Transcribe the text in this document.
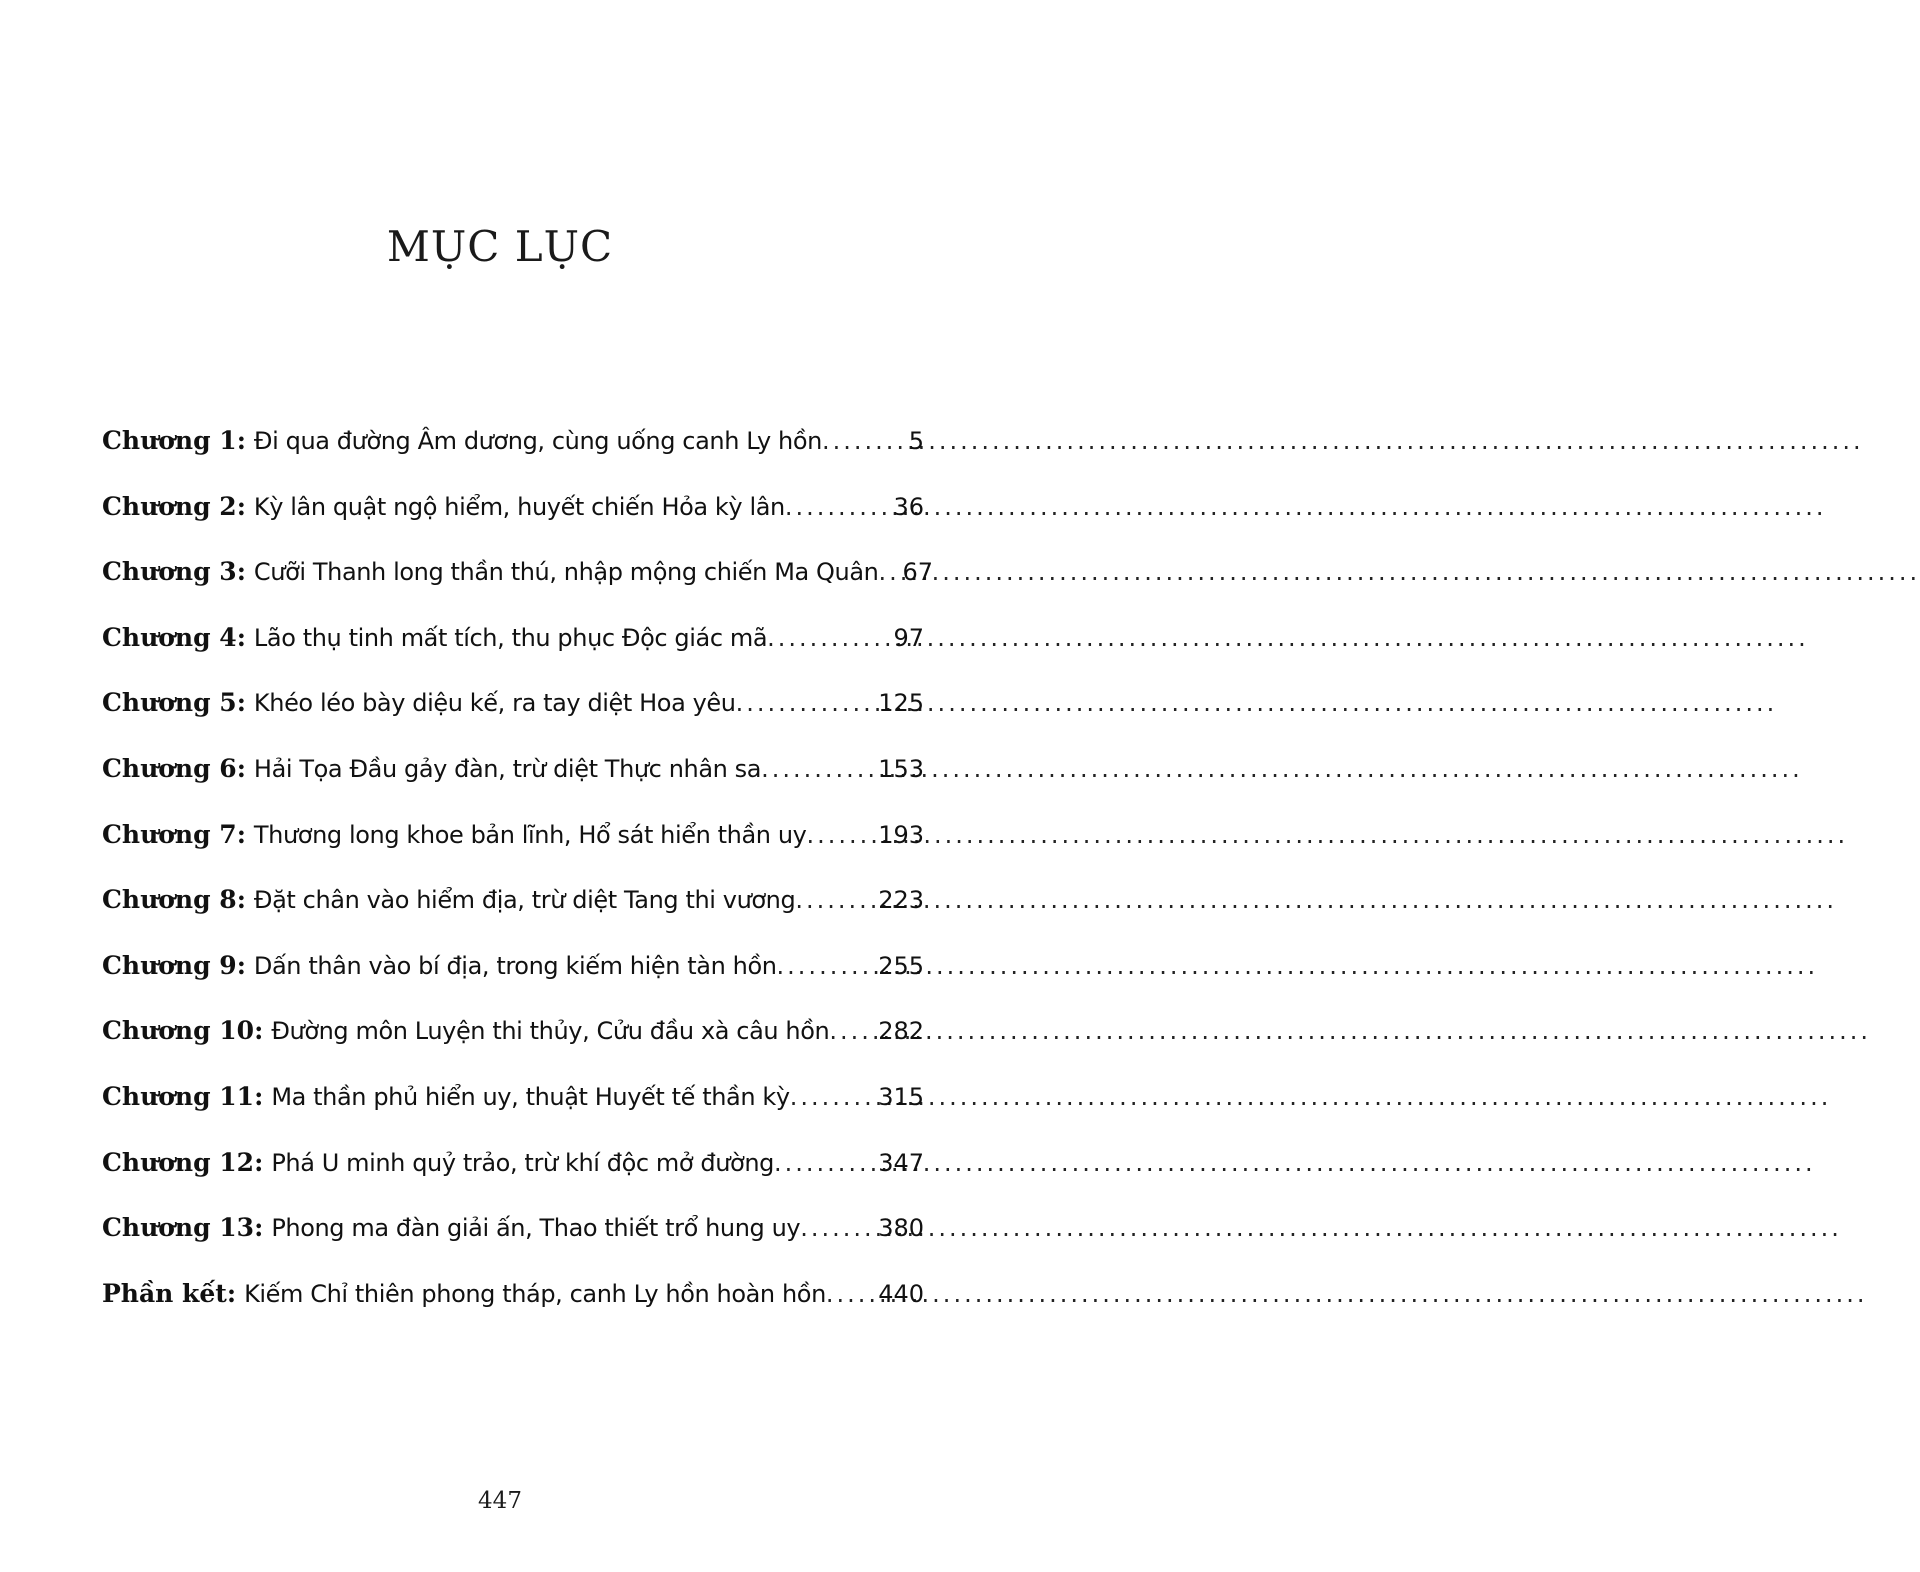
MỤC LỤC
Chương 1 : Đi qua đường Âm dương, cùng uống canh Ly hồn .....	5
Chương 2 : Kỳ lân quật ngộ hiểm, huyết chiến Hỏa kỳ lân .....	36
Chương 3 : Cưỡi Thanh long thần thú, nhập mộng chiến Ma Quân ..... 67
Chương 4 : Lão thụ tinh mất tích, thu phục Độc giác mã .....	97
Chương 5 : Khéo léo bày diệu kế, ra tay diệt Hoa yêu .....	125
Chương 6 : Hải Tọa Đầu gảy đàn, trừ diệt Thực nhân sa .....	153
Chương 7 : Thương long khoe bản lĩnh, Hổ sát hiển thần uy .....	193
Chương 8 : Đặt chân vào hiểm địa, trừ diệt Tang thi vương .....	223
Chương 9 : Dấn thân vào bí địa, trong kiếm hiện tàn hồn .....	255
Chương 10 : Đường môn Luyện thi thủy, Cửu đầu xà câu hồn ..... 282
Chương 11 : Ma thần phủ hiển uy, thuật Huyết tế thần kỳ .....	315
Chương 12 : Phá U minh quỷ trảo, trừ khí độc mở đường .....	347
Chương 13 : Phong ma đàn giải ấn, Thao thiết trổ hung uy .....	380
Phần kết : Kiếm Chỉ thiên phong tháp, canh Ly hồn hoàn hồn ..... 440
447
